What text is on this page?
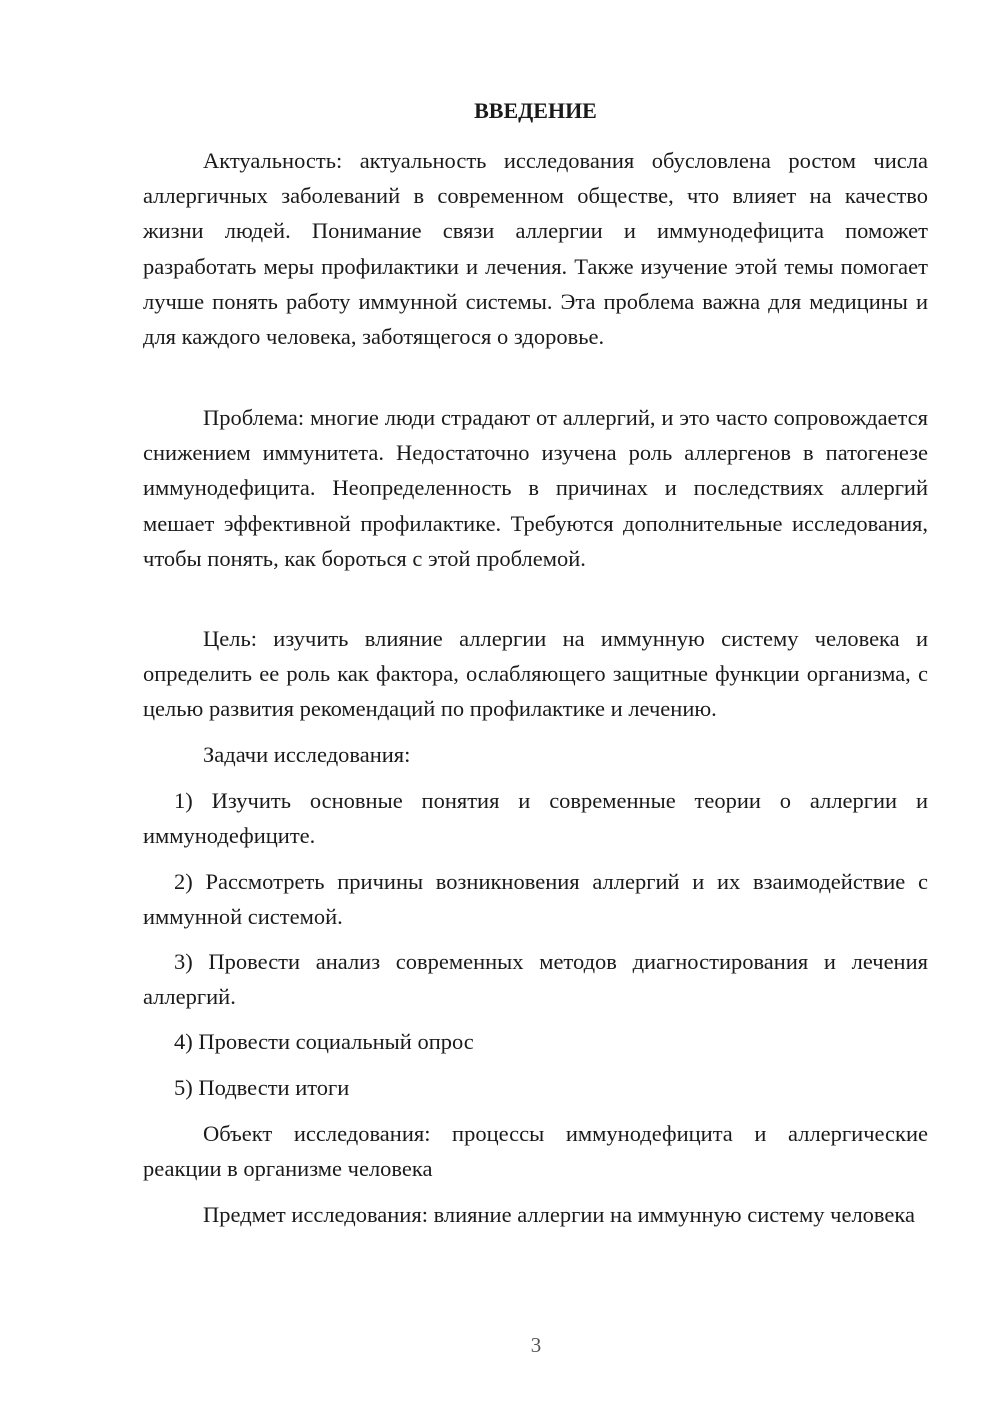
ВВЕДЕНИЕ

Актуальность: актуальность исследования обусловлена ростом числа аллергичных заболеваний в современном обществе, что влияет на качество жизни людей. Понимание связи аллергии и иммунодефицита поможет разработать меры профилактики и лечения. Также изучение этой темы помогает лучше понять работу иммунной системы. Эта проблема важна для медицины и для каждого человека, заботящегося о здоровье.

Проблема: многие люди страдают от аллергий, и это часто сопровождается снижением иммунитета. Недостаточно изучена роль аллергенов в патогенезе иммунодефицита. Неопределенность в причинах и последствиях аллергий мешает эффективной профилактике. Требуются дополнительные исследования, чтобы понять, как бороться с этой проблемой.

Цель: изучить влияние аллергии на иммунную систему человека и определить ее роль как фактора, ослабляющего защитные функции организма, с целью развития рекомендаций по профилактике и лечению.

Задачи исследования:

1) Изучить основные понятия и современные теории о аллергии и иммунодефиците.

2) Рассмотреть причины возникновения аллергий и их взаимодействие с иммунной системой.

3) Провести анализ современных методов диагностирования и лечения аллергий.

4) Провести социальный опрос

5) Подвести итоги

Объект исследования: процессы иммунодефицита и аллергические реакции в организме человека

Предмет исследования: влияние аллергии на иммунную систему человека

3
